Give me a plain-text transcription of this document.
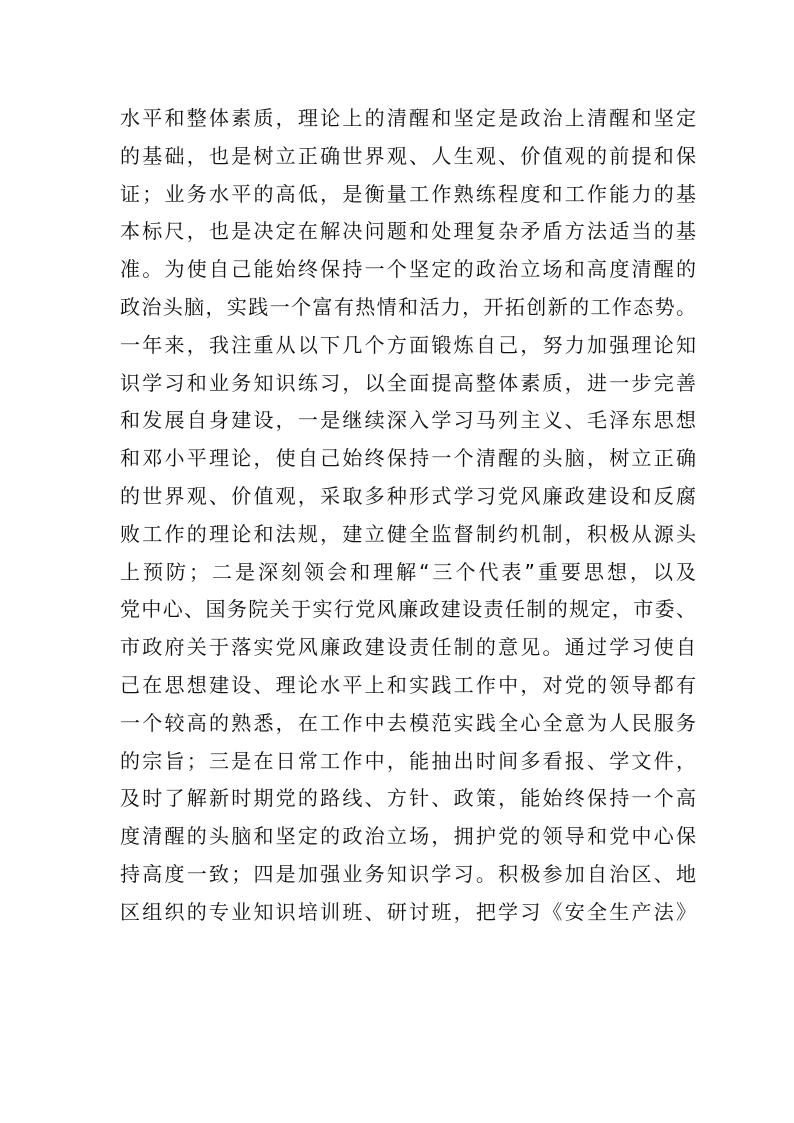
水平和整体素质，理论上的清醒和坚定是政治上清醒和坚定
的基础，也是树立正确世界观、人生观、价值观的前提和保
证；业务水平的高低，是衡量工作熟练程度和工作能力的基
本标尺，也是决定在解决问题和处理复杂矛盾方法适当的基
准。为使自己能始终保持一个坚定的政治立场和高度清醒的
政治头脑，实践一个富有热情和活力，开拓创新的工作态势。
一年来，我注重从以下几个方面锻炼自己，努力加强理论知
识学习和业务知识练习，以全面提高整体素质，进一步完善
和发展自身建设，一是继续深入学习马列主义、毛泽东思想
和邓小平理论，使自己始终保持一个清醒的头脑，树立正确
的世界观、价值观，采取多种形式学习党风廉政建设和反腐
败工作的理论和法规，建立健全监督制约机制，积极从源头
上预防；二是深刻领会和理解“三个代表”重要思想，以及
党中心、国务院关于实行党风廉政建设责任制的规定，市委、
市政府关于落实党风廉政建设责任制的意见。通过学习使自
己在思想建设、理论水平上和实践工作中，对党的领导都有
一个较高的熟悉，在工作中去模范实践全心全意为人民服务
的宗旨；三是在日常工作中，能抽出时间多看报、学文件，
及时了解新时期党的路线、方针、政策，能始终保持一个高
度清醒的头脑和坚定的政治立场，拥护党的领导和党中心保
持高度一致；四是加强业务知识学习。积极参加自治区、地
区组织的专业知识培训班、研讨班，把学习《安全生产法》
